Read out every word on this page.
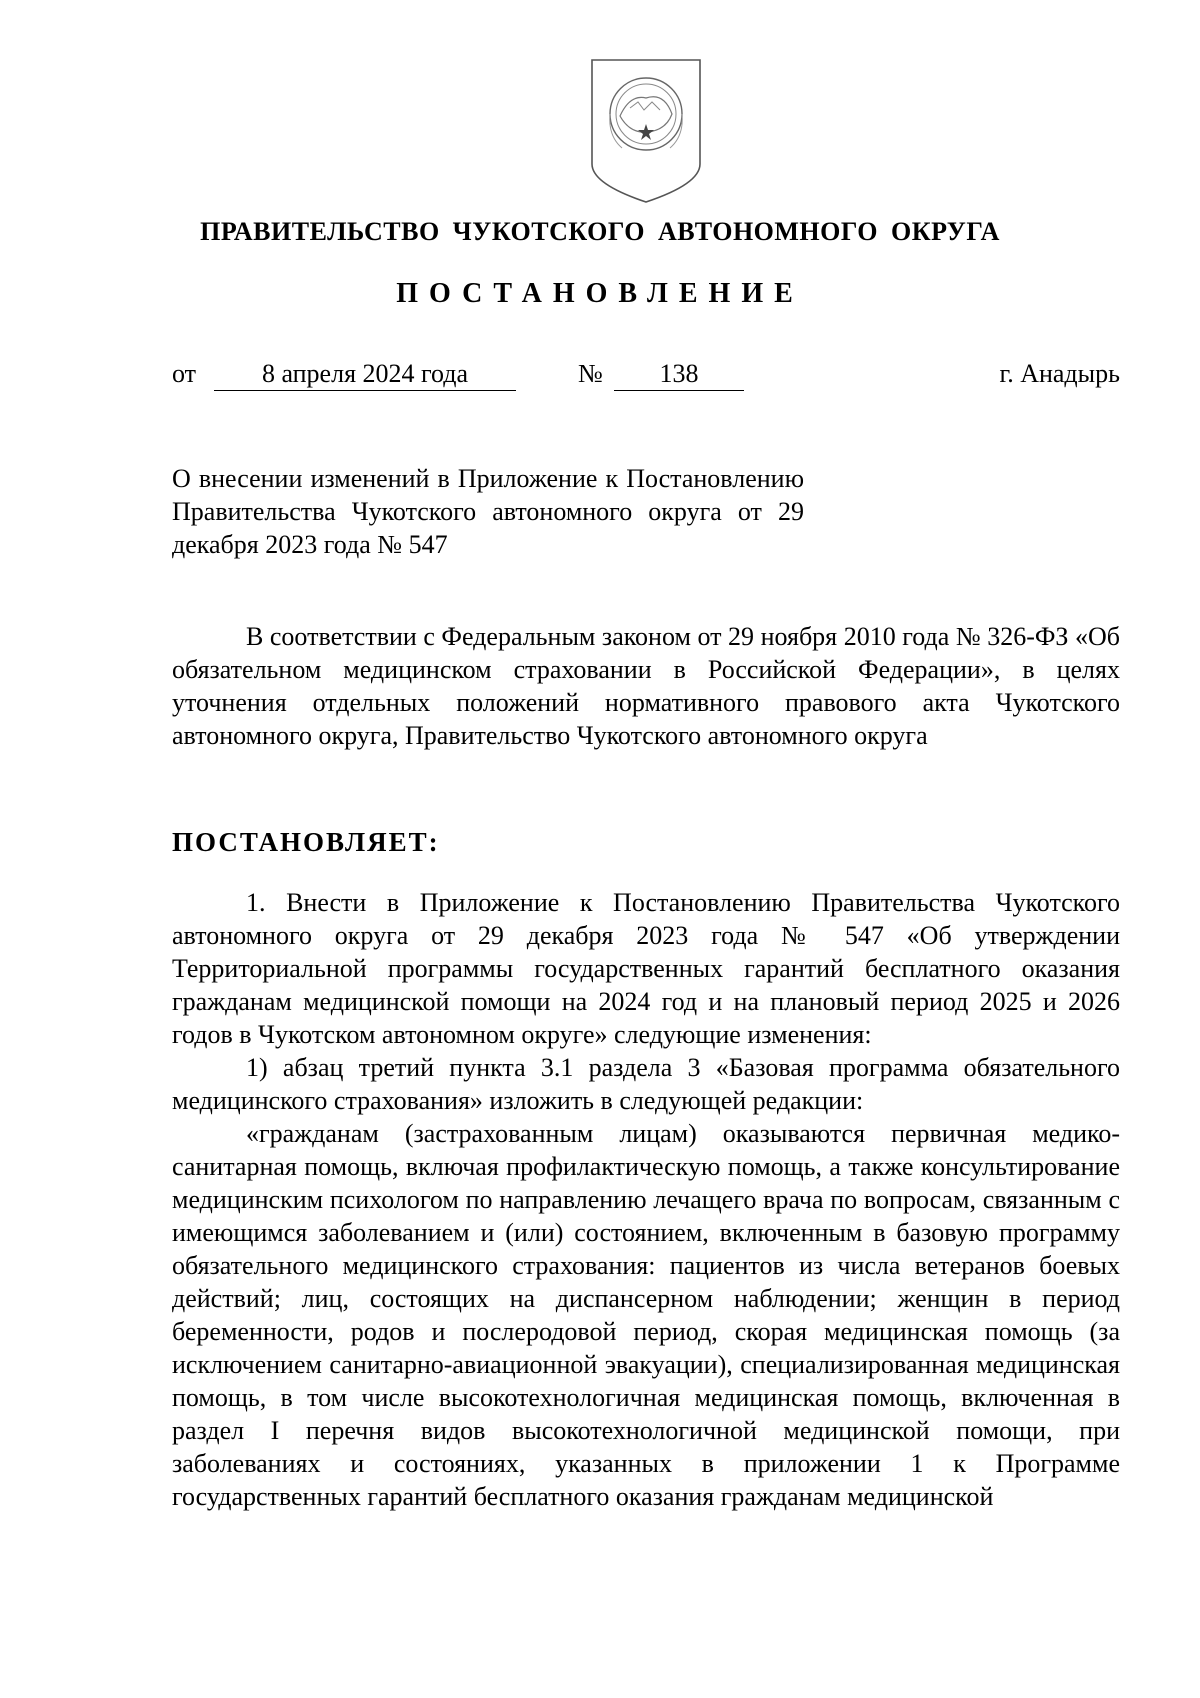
ПРАВИТЕЛЬСТВО ЧУКОТСКОГО АВТОНОМНОГО ОКРУГА
ПОСТАНОВЛЕНИЕ
от	8 апреля 2024 года	№	138	г. Анадырь
О внесении изменений в Приложение к Постановлению Правительства Чукотского автономного округа от 29 декабря 2023 года № 547

В соответствии с Федеральным законом от 29 ноября 2010 года № 326-ФЗ «Об обязательном медицинском страховании в Российской Федерации», в целях уточнения отдельных положений нормативного правового акта Чукотского автономного округа, Правительство Чукотского автономного округа

ПОСТАНОВЛЯЕТ:

1. Внести в Приложение к Постановлению Правительства Чукотского автономного округа от 29 декабря 2023 года № 547 «Об утверждении Территориальной программы государственных гарантий бесплатного оказания гражданам медицинской помощи на 2024 год и на плановый период 2025 и 2026 годов в Чукотском автономном округе» следующие изменения:

1) абзац третий пункта 3.1 раздела 3 «Базовая программа обязательного медицинского страхования» изложить в следующей редакции:

«гражданам (застрахованным лицам) оказываются первичная медико-санитарная помощь, включая профилактическую помощь, а также консультирование медицинским психологом по направлению лечащего врача по вопросам, связанным с имеющимся заболеванием и (или) состоянием, включенным в базовую программу обязательного медицинского страхования: пациентов из числа ветеранов боевых действий; лиц, состоящих на диспансерном наблюдении; женщин в период беременности, родов и послеродовой период, скорая медицинская помощь (за исключением санитарно-авиационной эвакуации), специализированная медицинская помощь, в том числе высокотехнологичная медицинская помощь, включенная в раздел I перечня видов высокотехнологичной медицинской помощи, при заболеваниях и состояниях, указанных в приложении 1 к Программе государственных гарантий бесплатного оказания гражданам медицинской
